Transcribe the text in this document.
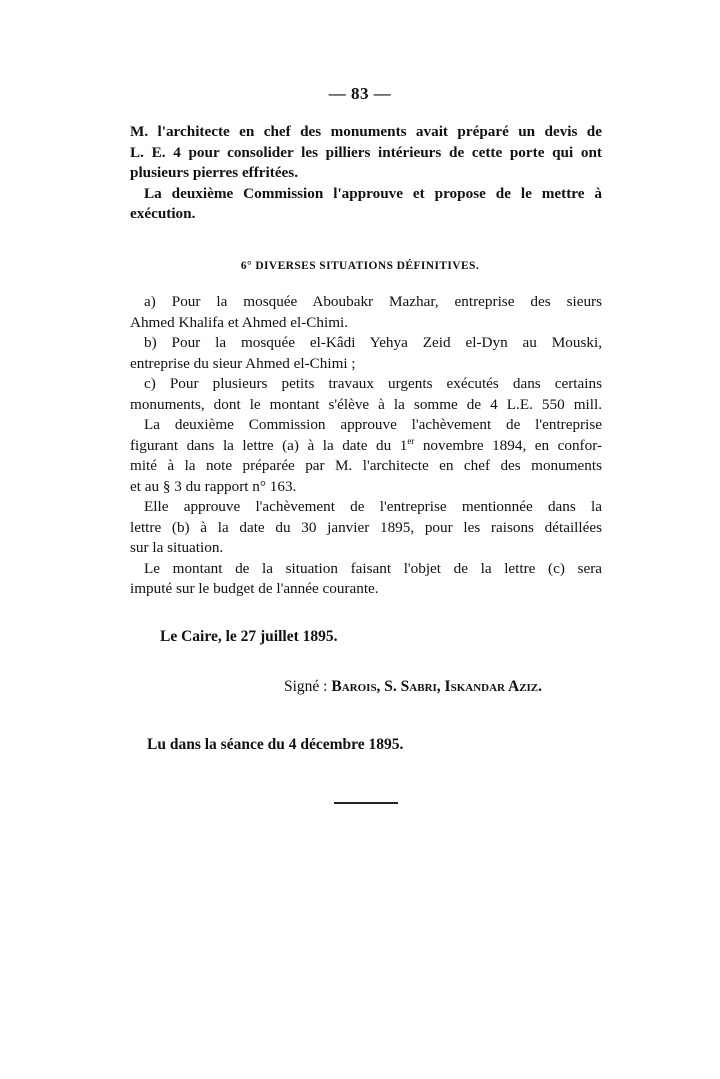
— 83 —
M. l'architecte en chef des monuments avait préparé un devis de
L. E. 4 pour consolider les pilliers intérieurs de cette porte qui ont
plusieurs pierres effritées.
La deuxième Commission l'approuve et propose de le mettre à
exécution.
6° DIVERSES SITUATIONS DÉFINITIVES.
a) Pour la mosquée Aboubakr Mazhar, entreprise des sieurs
Ahmed Khalifa et Ahmed el-Chimi.
b) Pour la mosquée el-Kâdi Yehya Zeid el-Dyn au Mouski,
entreprise du sieur Ahmed el-Chimi ;
c) Pour plusieurs petits travaux urgents exécutés dans certains
monuments, dont le montant s'élève à la somme de 4 L.E. 550 mill.
La deuxième Commission approuve l'achèvement de l'entreprise
figurant dans la lettre (a) à la date du 1er novembre 1894, en confor-
mité à la note préparée par M. l'architecte en chef des monuments
et au § 3 du rapport n° 163.
Elle approuve l'achèvement de l'entreprise mentionnée dans la
lettre (b) à la date du 30 janvier 1895, pour les raisons détaillées
sur la situation.
Le montant de la situation faisant l'objet de la lettre (c) sera
imputé sur le budget de l'année courante.
Le Caire, le 27 juillet 1895.
Signé : Barois, S. Sabri, Iskandar Aziz.
Lu dans la séance du 4 décembre 1895.
